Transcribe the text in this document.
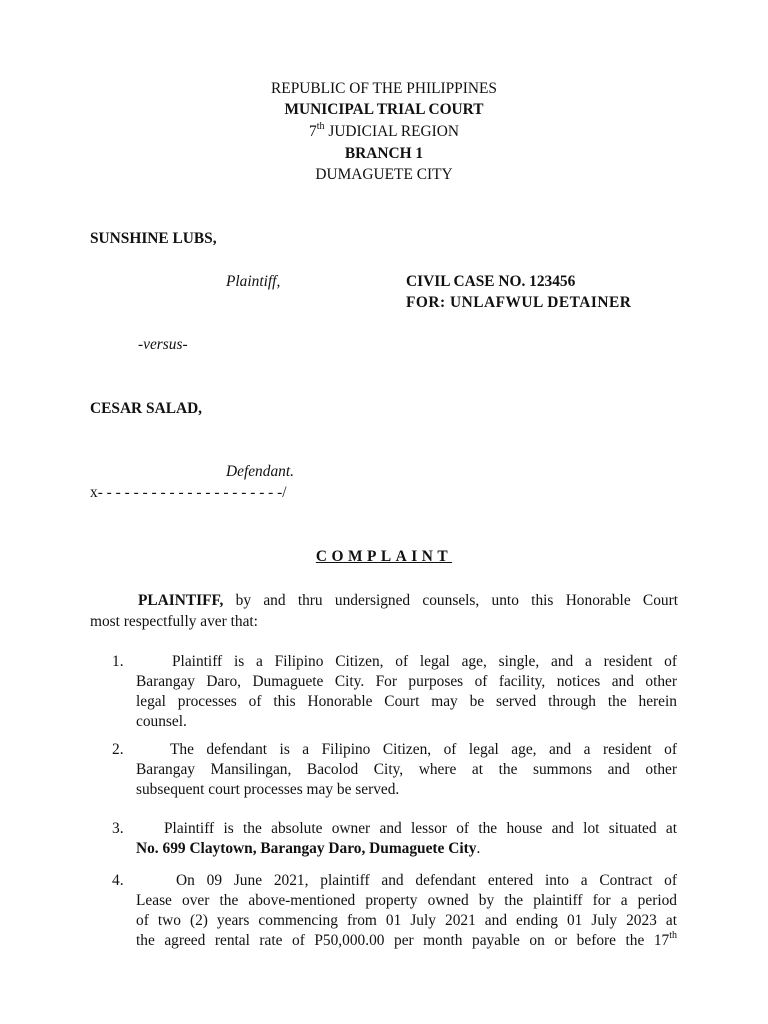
REPUBLIC OF THE PHILIPPINES
MUNICIPAL TRIAL COURT
7th JUDICIAL REGION
BRANCH 1
DUMAGUETE CITY
SUNSHINE LUBS,
Plaintiff,	CIVIL CASE NO. 123456
FOR: UNLAFWUL DETAINER
-versus-
CESAR SALAD,
Defendant.
x- - - - - - - - - - - - - - - - - - - - -/
COMPLAINT
PLAINTIFF, by and thru undersigned counsels, unto this Honorable Court
most respectfully aver that:
1.	Plaintiff is a Filipino Citizen, of legal age, single, and a resident of
Barangay Daro, Dumaguete City. For purposes of facility, notices and other
legal processes of this Honorable Court may be served through the herein
counsel.
2.	The defendant is a Filipino Citizen, of legal age, and a resident of
Barangay Mansilingan, Bacolod City, where at the summons and other
subsequent court processes may be served.
3.	Plaintiff is the absolute owner and lessor of the house and lot situated at
No. 699 Claytown, Barangay Daro, Dumaguete City.
4.	On 09 June 2021, plaintiff and defendant entered into a Contract of
Lease over the above-mentioned property owned by the plaintiff for a period
of two (2) years commencing from 01 July 2021 and ending 01 July 2023 at
the agreed rental rate of P50,000.00 per month payable on or before the 17th
